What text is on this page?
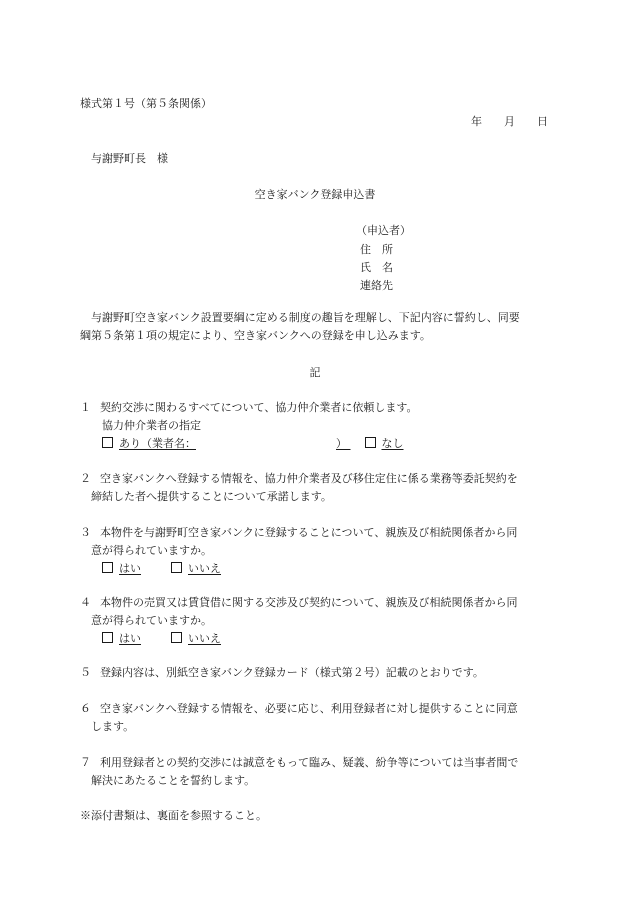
様式第１号（第５条関係）
年　　月　　日
与謝野町長　様
空き家バンク登録申込書
（申込者）
住　所
氏　名
連絡先
与謝野町空き家バンク設置要綱に定める制度の趣旨を理解し、下記内容に誓約し、同要
綱第５条第１項の規定により、空き家バンクへの登録を申し込みます。
記
１ 契約交渉に関わるすべてについて、協力仲介業者に依頼します。
協力仲介業者の指定
あり（業者名：	）	なし
２ 空き家バンクへ登録する情報を、協力仲介業者及び移住定住に係る業務等委託契約を
締結した者へ提供することについて承諾します。
３ 本物件を与謝野町空き家バンクに登録することについて、親族及び相続関係者から同
意が得られていますか。
はい	いいえ
４ 本物件の売買又は賃貸借に関する交渉及び契約について、親族及び相続関係者から同
意が得られていますか。
はい	いいえ
５ 登録内容は、別紙空き家バンク登録カード（様式第２号）記載のとおりです。
６ 空き家バンクへ登録する情報を、必要に応じ、利用登録者に対し提供することに同意
します。
７ 利用登録者との契約交渉には誠意をもって臨み、疑義、紛争等については当事者間で
解決にあたることを誓約します。
※添付書類は、裏面を参照すること。
